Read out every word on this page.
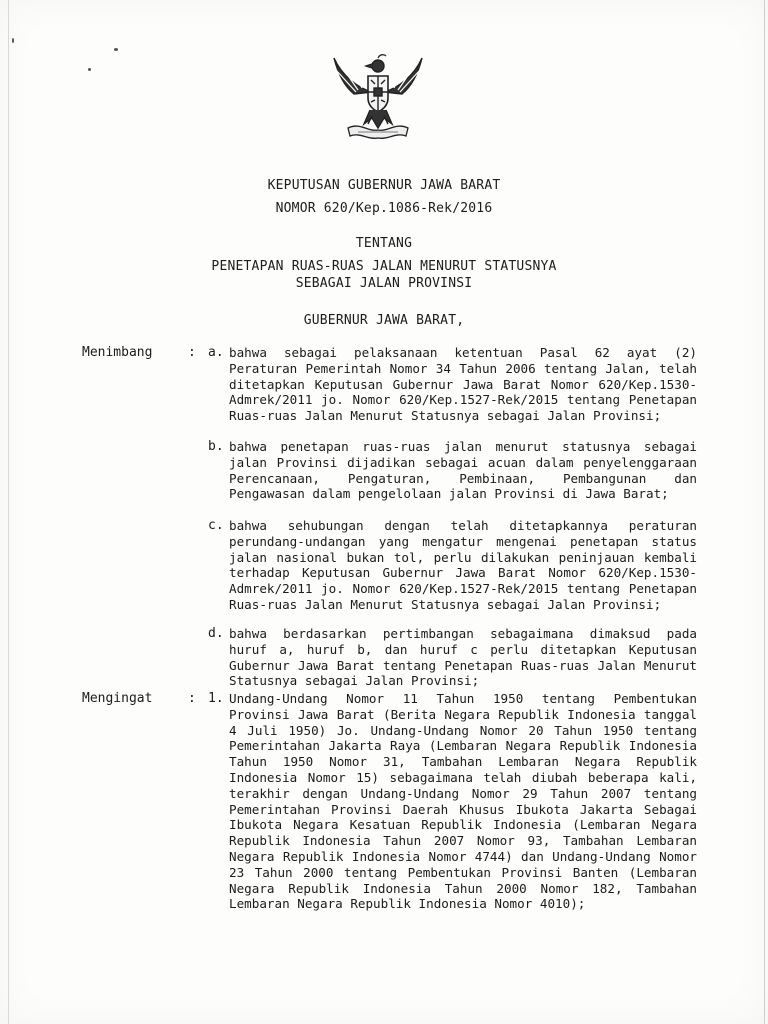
KEPUTUSAN GUBERNUR JAWA BARAT
NOMOR 620/Kep.1086-Rek/2016
TENTANG
PENETAPAN RUAS-RUAS JALAN MENURUT STATUSNYA
SEBAGAI JALAN PROVINSI
GUBERNUR JAWA BARAT,
Menimbang	: a. bahwa sebagai pelaksanaan ketentuan Pasal 62 ayat (2) Peraturan Pemerintah Nomor 34 Tahun 2006 tentang Jalan, telah ditetapkan Keputusan Gubernur Jawa Barat Nomor 620/Kep.1530-Admrek/2011 jo. Nomor 620/Kep.1527-Rek/2015 tentang Penetapan Ruas-ruas Jalan Menurut Statusnya sebagai Jalan Provinsi;
b. bahwa penetapan ruas-ruas jalan menurut statusnya sebagai jalan Provinsi dijadikan sebagai acuan dalam penyelenggaraan Perencanaan, Pengaturan, Pembinaan, Pembangunan dan Pengawasan dalam pengelolaan jalan Provinsi di Jawa Barat;
c. bahwa sehubungan dengan telah ditetapkannya peraturan perundang-undangan yang mengatur mengenai penetapan status jalan nasional bukan tol, perlu dilakukan peninjauan kembali terhadap Keputusan Gubernur Jawa Barat Nomor 620/Kep.1530-Admrek/2011 jo. Nomor 620/Kep.1527-Rek/2015 tentang Penetapan Ruas-ruas Jalan Menurut Statusnya sebagai Jalan Provinsi;
d. bahwa berdasarkan pertimbangan sebagaimana dimaksud pada huruf a, huruf b, dan huruf c perlu ditetapkan Keputusan Gubernur Jawa Barat tentang Penetapan Ruas-ruas Jalan Menurut Statusnya sebagai Jalan Provinsi;
Mengingat	: 1. Undang-Undang Nomor 11 Tahun 1950 tentang Pembentukan Provinsi Jawa Barat (Berita Negara Republik Indonesia tanggal 4 Juli 1950) Jo. Undang-Undang Nomor 20 Tahun 1950 tentang Pemerintahan Jakarta Raya (Lembaran Negara Republik Indonesia Tahun 1950 Nomor 31, Tambahan Lembaran Negara Republik Indonesia Nomor 15) sebagaimana telah diubah beberapa kali, terakhir dengan Undang-Undang Nomor 29 Tahun 2007 tentang Pemerintahan Provinsi Daerah Khusus Ibukota Jakarta Sebagai Ibukota Negara Kesatuan Republik Indonesia (Lembaran Negara Republik Indonesia Tahun 2007 Nomor 93, Tambahan Lembaran Negara Republik Indonesia Nomor 4744) dan Undang-Undang Nomor 23 Tahun 2000 tentang Pembentukan Provinsi Banten (Lembaran Negara Republik Indonesia Tahun 2000 Nomor 182, Tambahan Lembaran Negara Republik Indonesia Nomor 4010);
